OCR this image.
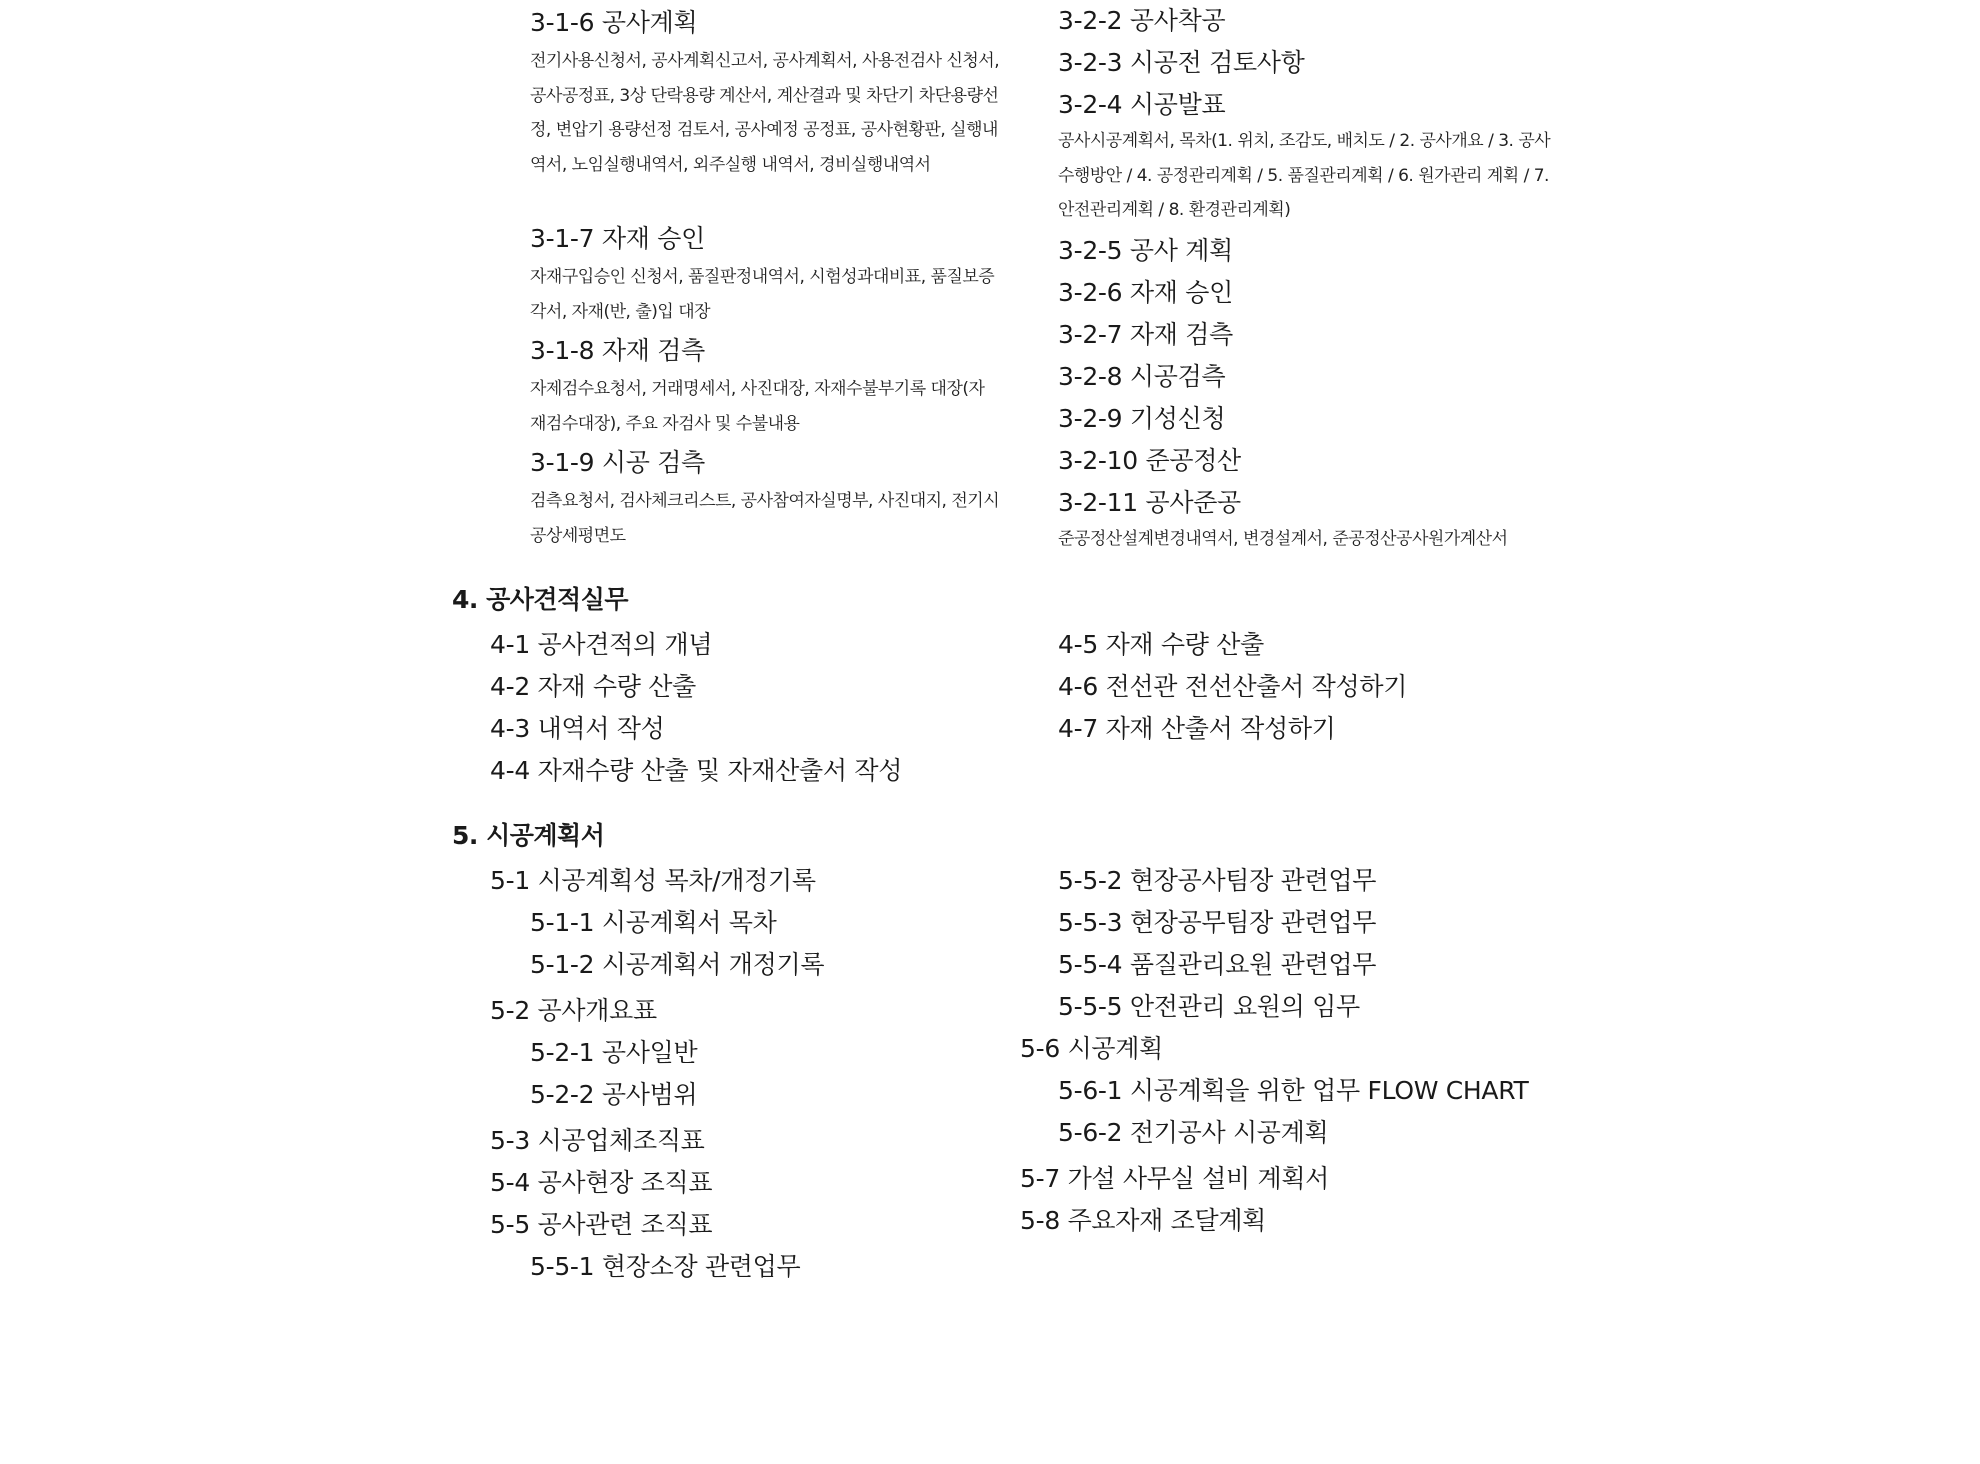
3-1-6 공사계획

전기사용신청서, 공사계획신고서, 공사계획서, 사용전검사 신청서, 공사공정표, 3상 단락용량 계산서, 계산결과 및 차단기 차단용량선정, 변압기 용량선정 검토서, 공사예정 공정표, 공사현황판, 실행내역서, 노임실행내역서, 외주실행 내역서, 경비실행내역서

3-1-7 자재 승인

자재구입승인 신청서, 품질판정내역서, 시험성과대비표, 품질보증각서, 자재(반, 출)입 대장

3-1-8 자재 검측

자제검수요청서, 거래명세서, 사진대장, 자재수불부기록 대장(자재검수대장), 주요 자검사 및 수불내용

3-1-9 시공 검측

검측요청서, 검사체크리스트, 공사참여자실명부, 사진대지, 전기시공상세평면도

3-2-2 공사착공

3-2-3 시공전 검토사항

3-2-4 시공발표

공사시공계획서, 목차(1. 위치, 조감도, 배치도 / 2. 공사개요 / 3. 공사수행방안 / 4. 공정관리계획 / 5. 품질관리계획 / 6. 원가관리 계획 / 7. 안전관리계획 / 8. 환경관리계획)

3-2-5 공사 계획

3-2-6 자재 승인

3-2-7 자재 검측

3-2-8 시공검측

3-2-9 기성신청

3-2-10 준공정산

3-2-11 공사준공

준공정산설계변경내역서, 변경설계서, 준공정산공사원가계산서

4. 공사견적실무

4-1 공사견적의 개념

4-2 자재 수량 산출

4-3 내역서 작성

4-4 자재수량 산출 및 자재산출서 작성

4-5 자재 수량 산출

4-6 전선관 전선산출서 작성하기

4-7 자재 산출서 작성하기

5. 시공계획서

5-1 시공계획성 목차/개정기록

5-1-1 시공계획서 목차

5-1-2 시공계획서 개정기록

5-2 공사개요표

5-2-1 공사일반

5-2-2 공사범위

5-3 시공업체조직표

5-4 공사현장 조직표

5-5 공사관련 조직표

5-5-1 현장소장 관련업무

5-5-2 현장공사팀장 관련업무

5-5-3 현장공무팀장 관련업무

5-5-4 품질관리요원 관련업무

5-5-5 안전관리 요원의 임무

5-6 시공계획

5-6-1 시공계획을 위한 업무 FLOW CHART

5-6-2 전기공사 시공계획

5-7 가설 사무실 설비 계획서

5-8 주요자재 조달계획
